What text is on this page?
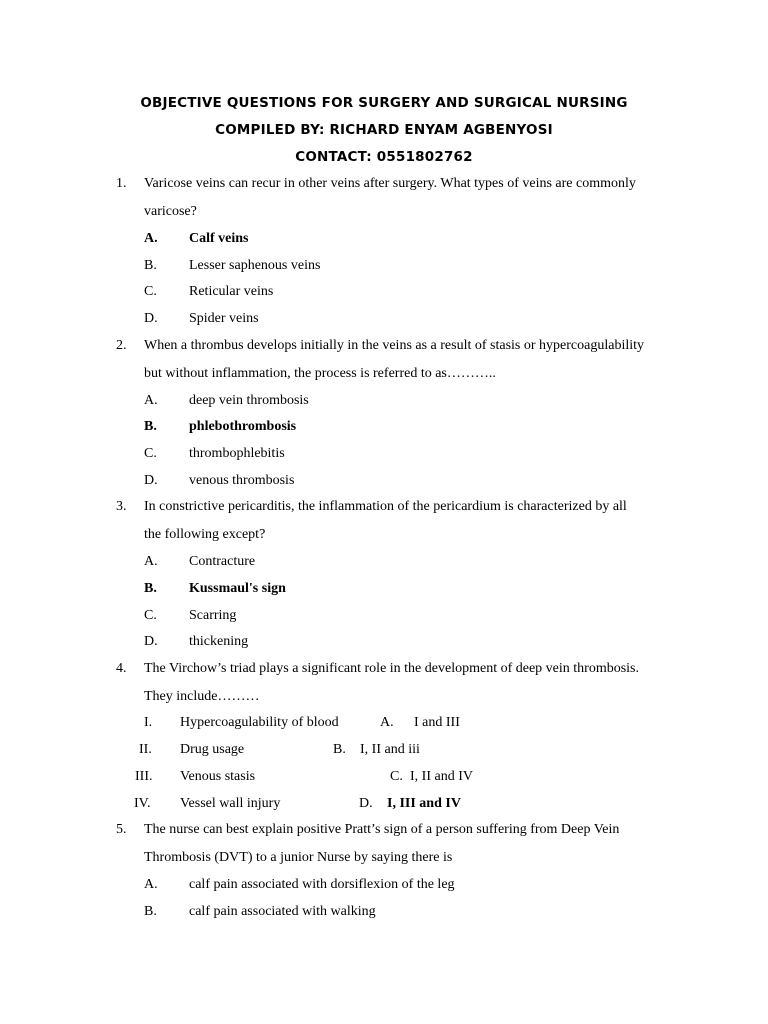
OBJECTIVE QUESTIONS FOR SURGERY AND SURGICAL NURSING
COMPILED BY: RICHARD ENYAM AGBENYOSI
CONTACT: 0551802762
1. Varicose veins can recur in other veins after surgery. What types of veins are commonly
varicose?
A. Calf veins
B. Lesser saphenous veins
C. Reticular veins
D. Spider veins
2. When a thrombus develops initially in the veins as a result of stasis or hypercoagulability
but without inflammation, the process is referred to as………..
A. deep vein thrombosis
B. phlebothrombosis
C. thrombophlebitis
D. venous thrombosis
3. In constrictive pericarditis, the inflammation of the pericardium is characterized by all
the following except?
A. Contracture
B. Kussmaul's sign
C. Scarring
D. thickening
4. The Virchow’s triad plays a significant role in the development of deep vein thrombosis.
They include………
I. Hypercoagulability of blood	A. I and III
II. Drug usage	B. I, II and iii
III. Venous stasis	C. I, II and IV
IV. Vessel wall injury	D. I, III and IV
5. The nurse can best explain positive Pratt’s sign of a person suffering from Deep Vein
Thrombosis (DVT) to a junior Nurse by saying there is
A. calf pain associated with dorsiflexion of the leg
B. calf pain associated with walking
